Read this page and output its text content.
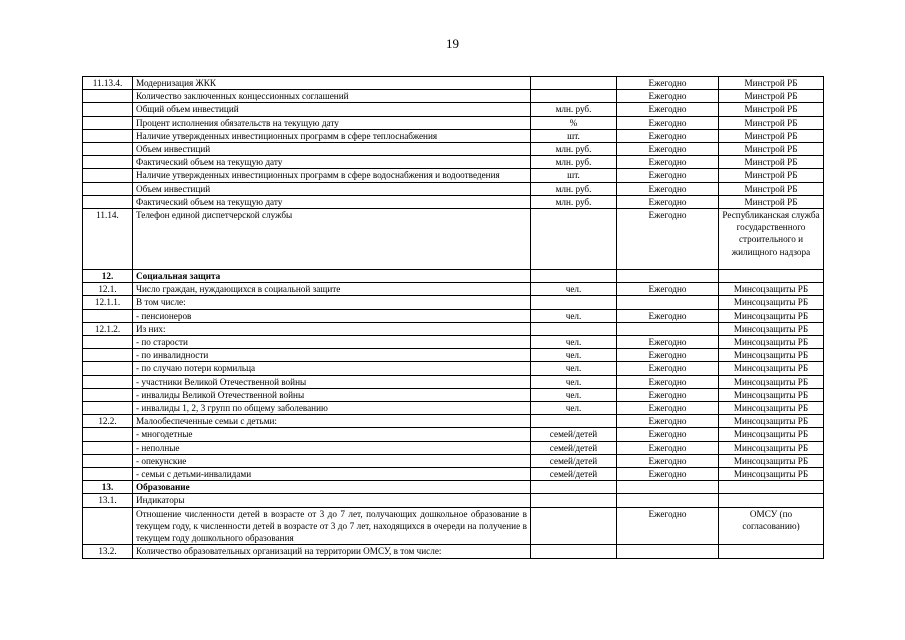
19
11.13.4.	Модернизация ЖКК		Ежегодно	Минстрой РБ
	Количество заключенных концессионных соглашений		Ежегодно	Минстрой РБ
	Общий объем инвестиций	млн. руб.	Ежегодно	Минстрой РБ
	Процент исполнения обязательств на текущую дату	%	Ежегодно	Минстрой РБ
	Наличие утвержденных инвестиционных программ в сфере теплоснабжения	шт.	Ежегодно	Минстрой РБ
	Объем инвестиций	млн. руб.	Ежегодно	Минстрой РБ
	Фактический объем на текущую дату	млн. руб.	Ежегодно	Минстрой РБ
	Наличие утвержденных инвестиционных программ в сфере водоснабжения и водоотведения	шт.	Ежегодно	Минстрой РБ
	Объем инвестиций	млн. руб.	Ежегодно	Минстрой РБ
	Фактический объем на текущую дату	млн. руб.	Ежегодно	Минстрой РБ
11.14.	Телефон единой диспетчерской службы		Ежегодно	Республиканская служба государственного строительного и жилищного надзора
12.	Социальная защита			
12.1.	Число граждан, нуждающихся в социальной защите	чел.	Ежегодно	Минсоцзащиты РБ
12.1.1.	В том числе:			Минсоцзащиты РБ
	- пенсионеров	чел.	Ежегодно	Минсоцзащиты РБ
12.1.2.	Из них:			Минсоцзащиты РБ
	- по старости	чел.	Ежегодно	Минсоцзащиты РБ
	- по инвалидности	чел.	Ежегодно	Минсоцзащиты РБ
	- по случаю потери кормильца	чел.	Ежегодно	Минсоцзащиты РБ
	- участники Великой Отечественной войны	чел.	Ежегодно	Минсоцзащиты РБ
	- инвалиды Великой Отечественной войны	чел.	Ежегодно	Минсоцзащиты РБ
	- инвалиды 1, 2, 3 групп по общему заболеванию	чел.	Ежегодно	Минсоцзащиты РБ
12.2.	Малообеспеченные семьи с детьми:		Ежегодно	Минсоцзащиты РБ
	- многодетные	семей/детей	Ежегодно	Минсоцзащиты РБ
	- неполные	семей/детей	Ежегодно	Минсоцзащиты РБ
	- опекунские	семей/детей	Ежегодно	Минсоцзащиты РБ
	- семьи с детьми-инвалидами	семей/детей	Ежегодно	Минсоцзащиты РБ
13.	Образование			
13.1.	Индикаторы			
	Отношение численности детей в возрасте от 3 до 7 лет, получающих дошкольное образование в текущем году, к численности детей в возрасте от 3 до 7 лет, находящихся в очереди на получение в текущем году дошкольного образования		Ежегодно	ОМСУ (по согласованию)
13.2.	Количество образовательных организаций на территории ОМСУ, в том числе:			
